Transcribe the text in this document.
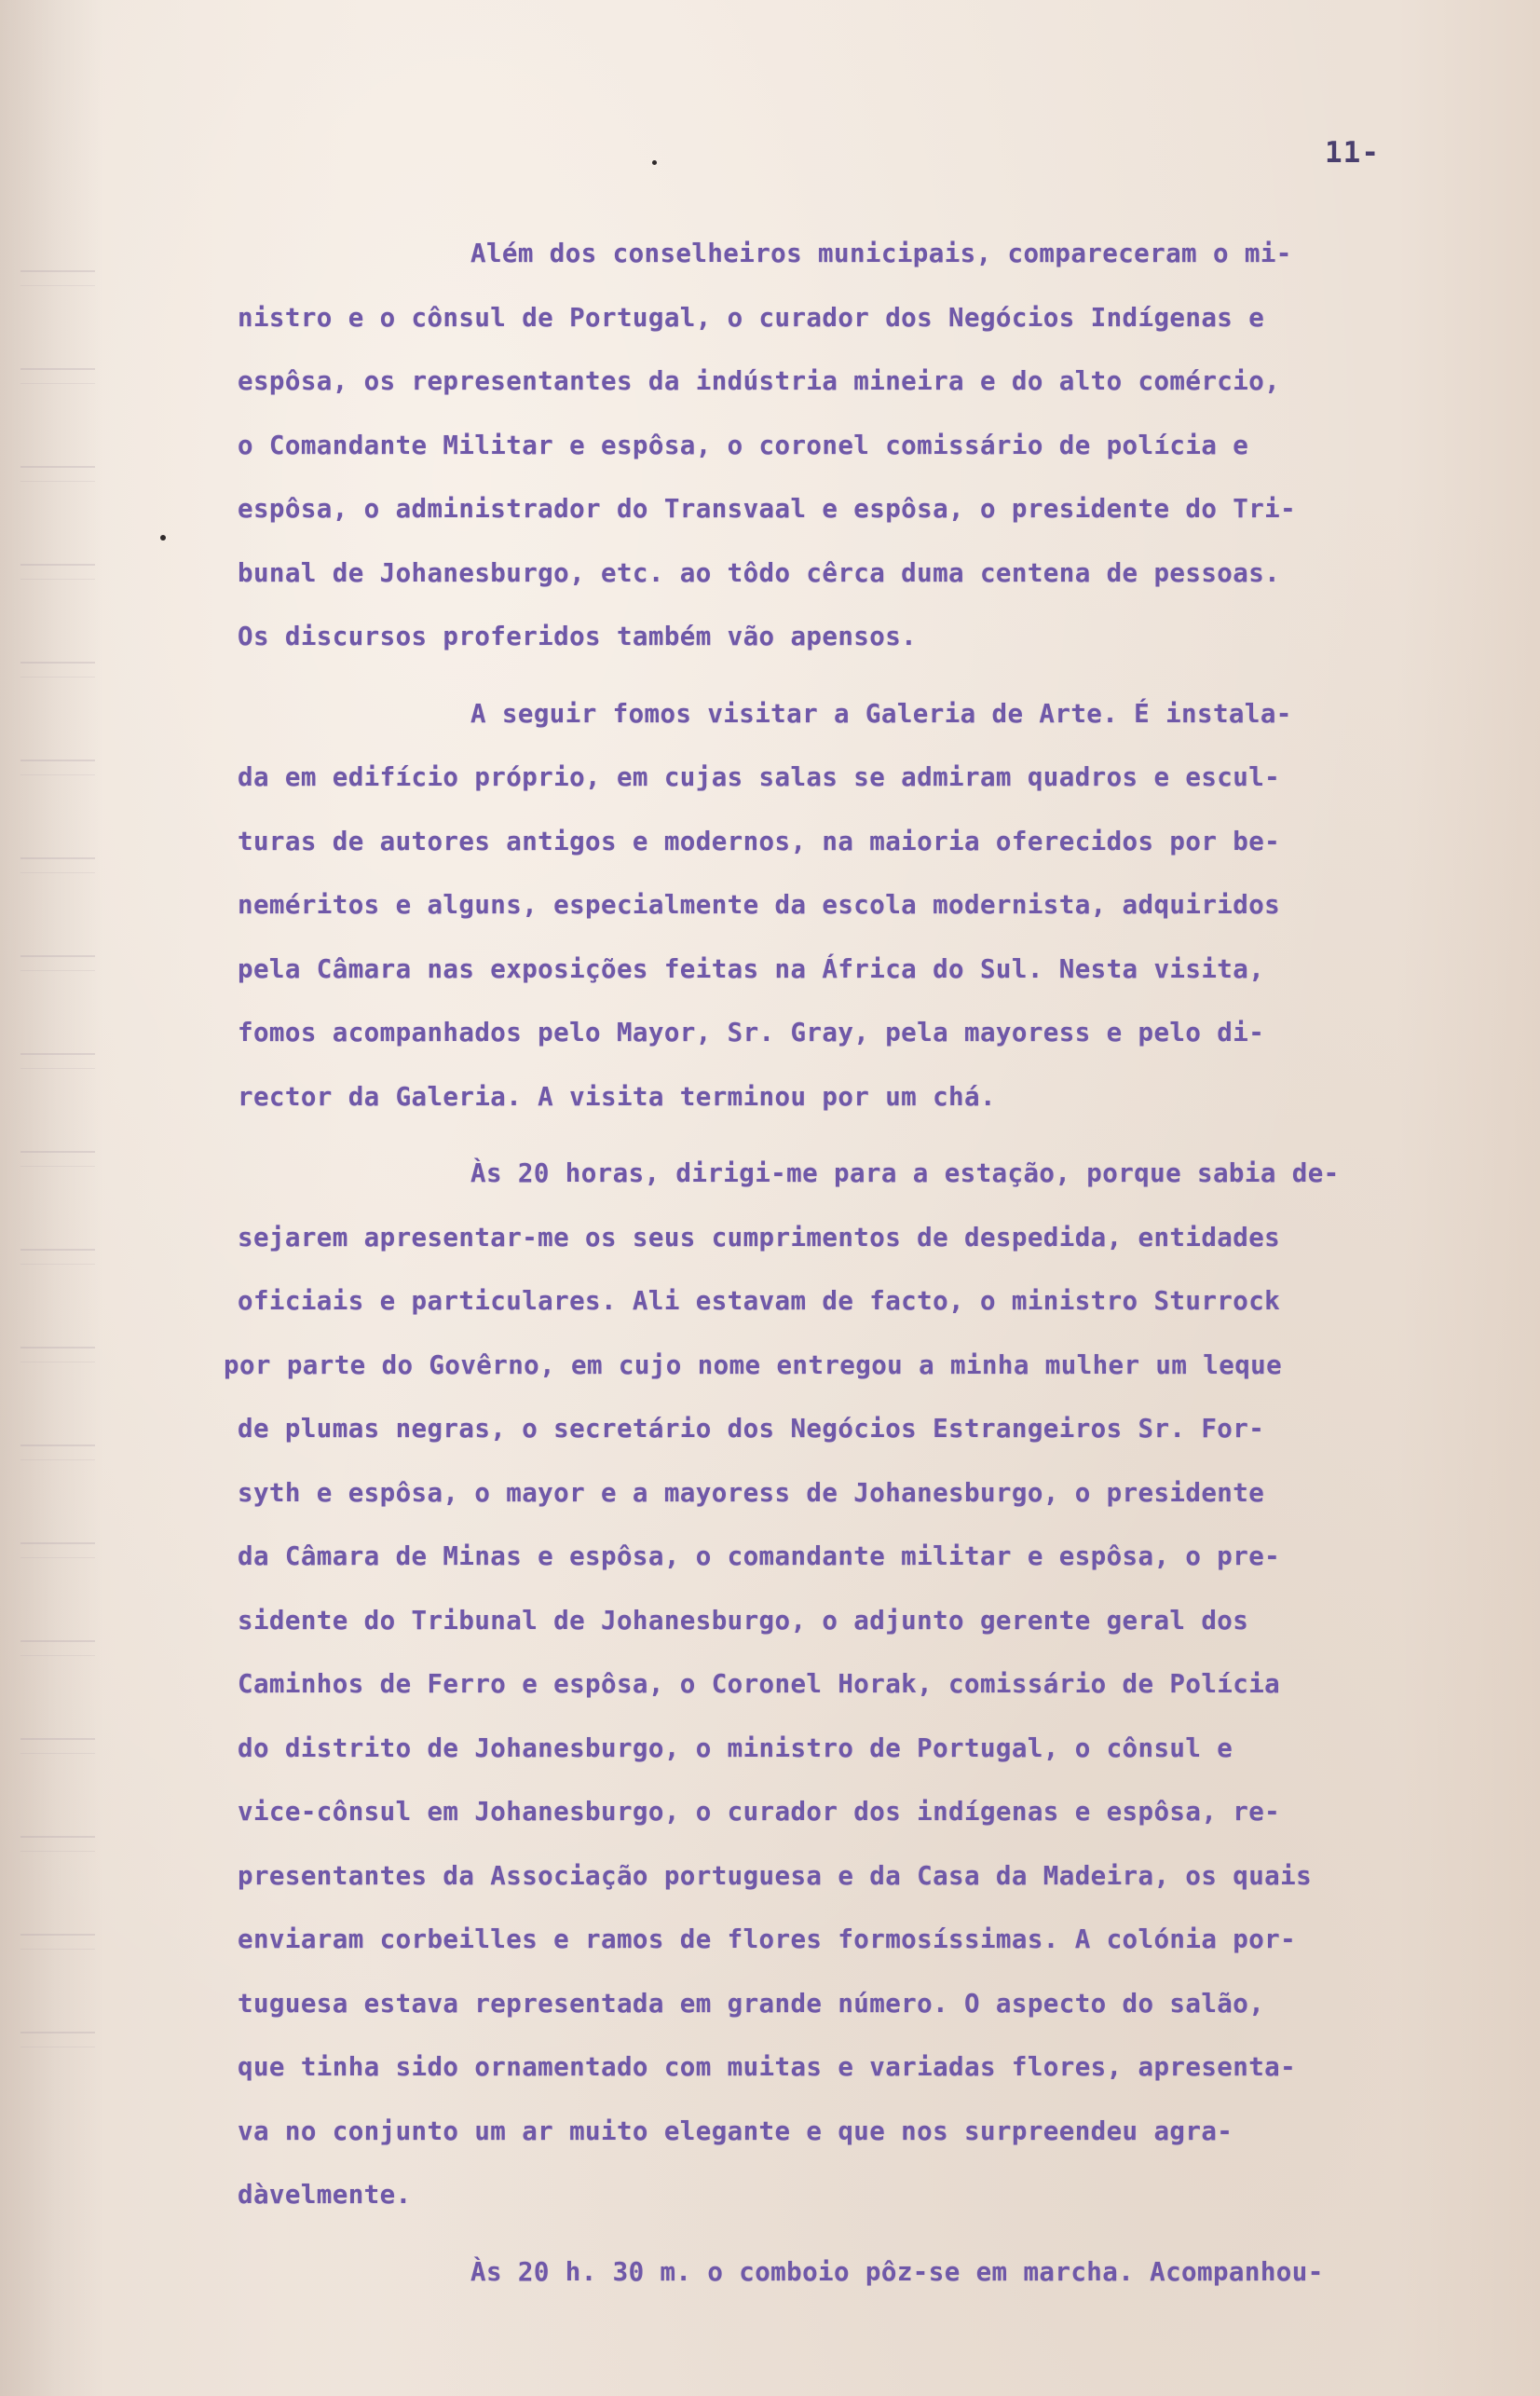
11-
Além dos conselheiros municipais, compareceram o mi-
nistro e o cônsul de Portugal, o curador dos Negócios Indígenas e
espôsa, os representantes da indústria mineira e do alto comércio,
o Comandante Militar e espôsa, o coronel comissário de polícia e
espôsa, o administrador do Transvaal e espôsa, o presidente do Tri-
bunal de Johanesburgo, etc. ao tôdo cêrca duma centena de pessoas.
Os discursos proferidos também vão apensos.
A seguir fomos visitar a Galeria de Arte. É instala-
da em edifício próprio, em cujas salas se admiram quadros e escul-
turas de autores antigos e modernos, na maioria oferecidos por be-
neméritos e alguns, especialmente da escola modernista, adquiridos
pela Câmara nas exposições feitas na África do Sul. Nesta visita,
fomos acompanhados pelo Mayor, Sr. Gray, pela mayoress e pelo di-
rector da Galeria. A visita terminou por um chá.
Às 20 horas, dirigi-me para a estação, porque sabia de-
sejarem apresentar-me os seus cumprimentos de despedida, entidades
oficiais e particulares. Ali estavam de facto, o ministro Sturrock
por parte do Govêrno, em cujo nome entregou a minha mulher um leque
de plumas negras, o secretário dos Negócios Estrangeiros Sr. For-
syth e espôsa, o mayor e a mayoress de Johanesburgo, o presidente
da Câmara de Minas e espôsa, o comandante militar e espôsa, o pre-
sidente do Tribunal de Johanesburgo, o adjunto gerente geral dos
Caminhos de Ferro e espôsa, o Coronel Horak, comissário de Polícia
do distrito de Johanesburgo, o ministro de Portugal, o cônsul e
vice-cônsul em Johanesburgo, o curador dos indígenas e espôsa, re-
presentantes da Associação portuguesa e da Casa da Madeira, os quais
enviaram corbeilles e ramos de flores formosíssimas. A colónia por-
tuguesa estava representada em grande número. O aspecto do salão,
que tinha sido ornamentado com muitas e variadas flores, apresenta-
va no conjunto um ar muito elegante e que nos surpreendeu agra-
dàvelmente.
Às 20 h. 30 m. o comboio pôz-se em marcha. Acompanhou-
